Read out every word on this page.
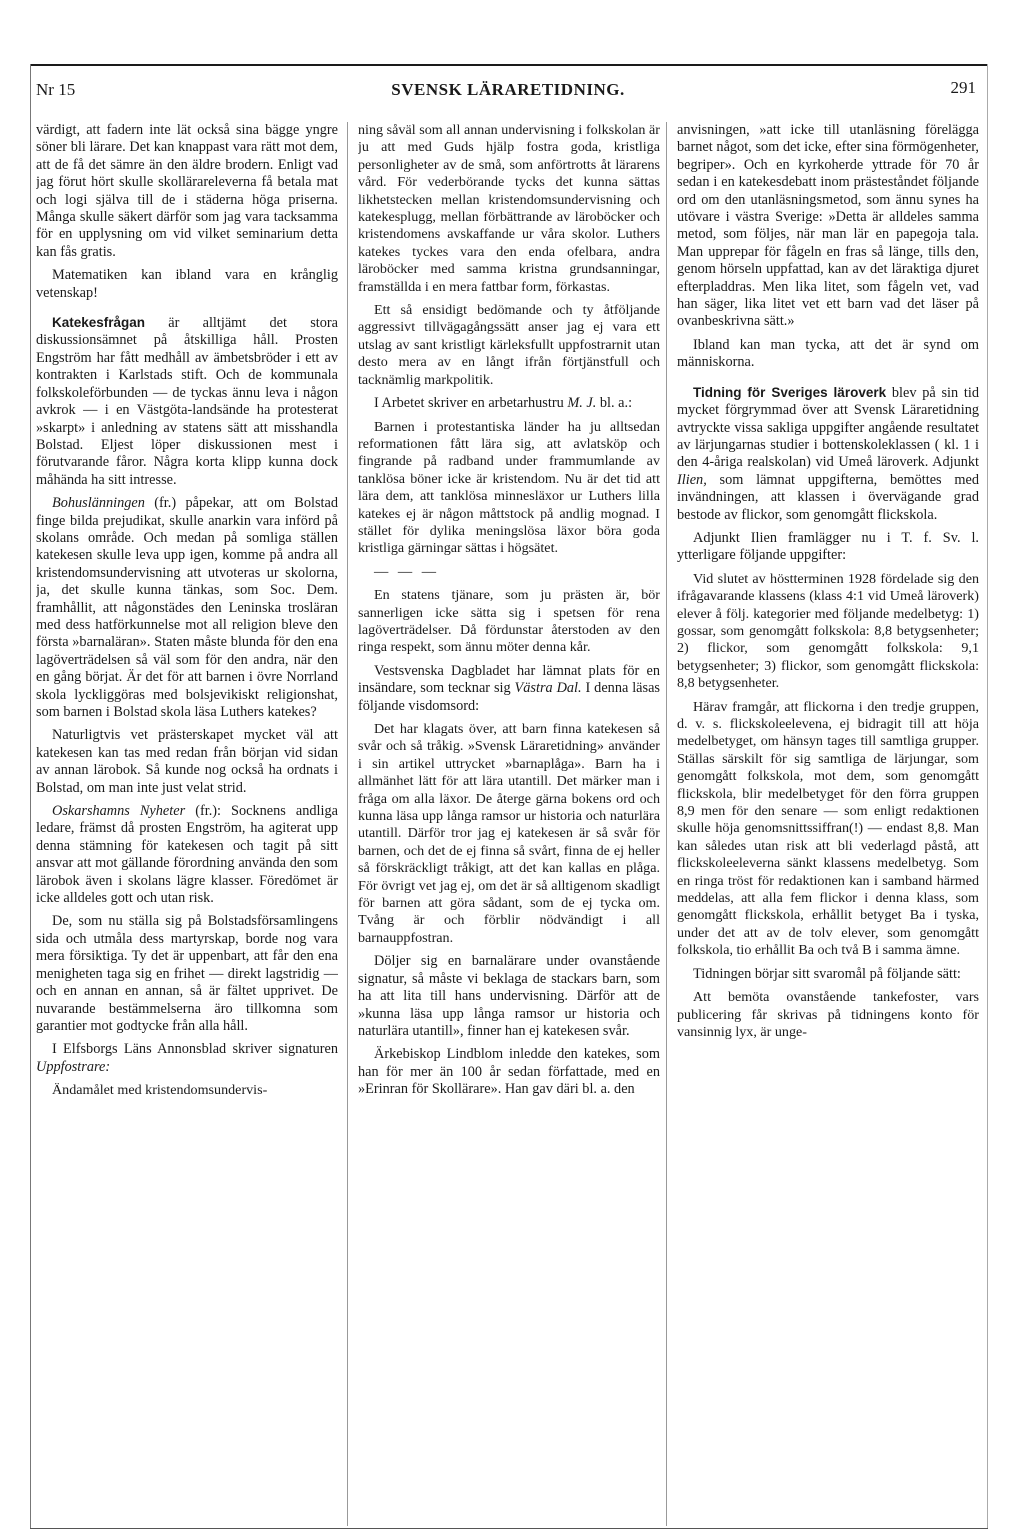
Nr 15	SVENSK LÄRARETIDNING.	291

värdigt, att fadern inte lät också sina bägge yngre söner bli lärare. Det kan knappast vara rätt mot dem, att de få det sämre än den äldre brodern. Enligt vad jag förut hört skulle skollärareleverna få betala mat och logi själva till de i städerna höga priserna. Många skulle säkert därför som jag vara tacksamma för en upplysning om vid vilket seminarium detta kan fås gratis.

Matematiken kan ibland vara en krånglig vetenskap!

Katekesfrågan är alltjämt det stora diskussionsämnet på åtskilliga håll. Prosten Engström har fått medhåll av ämbetsbröder i ett av kontrakten i Karlstads stift. Och de kommunala folkskoleförbunden — de tyckas ännu leva i någon avkrok — i en Västgöta-landsände ha protesterat »skarpt» i anledning av statens sätt att misshandla Bolstad. Eljest löper diskussionen mest i förutvarande fåror. Några korta klipp kunna dock måhända ha sitt intresse.

Bohuslänningen (fr.) påpekar, att om Bolstad finge bilda prejudikat, skulle anarkin vara införd på skolans område. Och medan på somliga ställen katekesen skulle leva upp igen, komme på andra all kristendomsundervisning att utvoteras ur skolorna, ja, det skulle kunna tänkas, som Soc. Dem. framhållit, att någonstädes den Leninska trosläran med dess hatförkunnelse mot all religion bleve den första »barnaläran». Staten måste blunda för den ena lagöverträdelsen så väl som för den andra, när den en gång börjat. Är det för att barnen i övre Norrland skola lyckliggöras med bolsjevikiskt religionshat, som barnen i Bolstad skola läsa Luthers katekes?

Naturligtvis vet prästerskapet mycket väl att katekesen kan tas med redan från början vid sidan av annan lärobok. Så kunde nog också ha ordnats i Bolstad, om man inte just velat strid.

Oskarshamns Nyheter (fr.): Socknens andliga ledare, främst då prosten Engström, ha agiterat upp denna stämning för katekesen och tagit på sitt ansvar att mot gällande förordning använda den som lärobok även i skolans lägre klasser. Föredömet är icke alldeles gott och utan risk.

De, som nu ställa sig på Bolstadsförsamlingens sida och utmåla dess martyrskap, borde nog vara mera försiktiga. Ty det är uppenbart, att får den ena menigheten taga sig en frihet — direkt lagstridig — och en annan en annan, så är fältet upprivet. De nuvarande bestämmelserna äro tillkomna som garantier mot godtycke från alla håll.

I Elfsborgs Läns Annonsblad skriver signaturen Uppfostrare:

Ändamålet med kristendomsundervis-

ning såväl som all annan undervisning i folkskolan är ju att med Guds hjälp fostra goda, kristliga personligheter av de små, som anförtrotts åt lärarens vård. För vederbörande tycks det kunna sättas likhetstecken mellan kristendomsundervisning och katekesplugg, mellan förbättrande av läroböcker och kristendomens avskaffande ur våra skolor. Luthers katekes tyckes vara den enda ofelbara, andra läroböcker med samma kristna grundsanningar, framställda i en mera fattbar form, förkastas.

Ett så ensidigt bedömande och ty åtföljande aggressivt tillvägagångssätt anser jag ej vara ett utslag av sant kristligt kärleksfullt uppfostrarnit utan desto mera av en långt ifrån förtjänstfull och tacknämlig markpolitik.

I Arbetet skriver en arbetarhustru M. J. bl. a.:

Barnen i protestantiska länder ha ju alltsedan reformationen fått lära sig, att avlatsköp och fingrande på radband under frammumlande av tanklösa böner icke är kristendom. Nu är det tid att lära dem, att tanklösa minnesläxor ur Luthers lilla katekes ej är någon måttstock på andlig mognad. I stället för dylika meningslösa läxor böra goda kristliga gärningar sättas i högsätet.

— — —

En statens tjänare, som ju prästen är, bör sannerligen icke sätta sig i spetsen för rena lagöverträdelser. Då fördunstar återstoden av den ringa respekt, som ännu möter denna kår.

Vestsvenska Dagbladet har lämnat plats för en insändare, som tecknar sig Västra Dal. I denna läsas följande visdomsord:

Det har klagats över, att barn finna katekesen så svår och så tråkig. »Svensk Läraretidning» använder i sin artikel uttrycket »barnaplåga». Barn ha i allmänhet lätt för att lära utantill. Det märker man i fråga om alla läxor. De återge gärna bokens ord och kunna läsa upp långa ramsor ur historia och naturlära utantill. Därför tror jag ej katekesen är så svår för barnen, och det de ej finna så svårt, finna de ej heller så förskräckligt tråkigt, att det kan kallas en plåga. För övrigt vet jag ej, om det är så alltigenom skadligt för barnen att göra sådant, som de ej tycka om. Tvång är och förblir nödvändigt i all barnauppfostran.

Döljer sig en barnalärare under ovanstående signatur, så måste vi beklaga de stackars barn, som ha att lita till hans undervisning. Därför att de »kunna läsa upp långa ramsor ur historia och naturlära utantill», finner han ej katekesen svår.

Ärkebiskop Lindblom inledde den katekes, som han för mer än 100 år sedan författade, med en »Erinran för Skollärare». Han gav däri bl. a. den

anvisningen, »att icke till utanläsning förelägga barnet något, som det icke, efter sina förmögenheter, begriper». Och en kyrkoherde yttrade för 70 år sedan i en katekesdebatt inom prästeståndet följande ord om den utanläsningsmetod, som ännu synes ha utövare i västra Sverige: »Detta är alldeles samma metod, som följes, när man lär en papegoja tala. Man upprepar för fågeln en fras så länge, tills den, genom hörseln uppfattad, kan av det läraktiga djuret efterpladdras. Men lika litet, som fågeln vet, vad han säger, lika litet vet ett barn vad det läser på ovanbeskrivna sätt.»

Ibland kan man tycka, att det är synd om människorna.

Tidning för Sveriges läroverk blev på sin tid mycket förgrymmad över att Svensk Läraretidning avtryckte vissa sakliga uppgifter angående resultatet av lärjungarnas studier i bottenskoleklassen ( kl. 1 i den 4-åriga realskolan) vid Umeå läroverk. Adjunkt Ilien, som lämnat uppgifterna, bemöttes med invändningen, att klassen i övervägande grad bestode av flickor, som genomgått flickskola.

Adjunkt Ilien framlägger nu i T. f. Sv. l. ytterligare följande uppgifter:

Vid slutet av höstterminen 1928 fördelade sig den ifrågavarande klassens (klass 4:1 vid Umeå läroverk) elever å följ. kategorier med följande medelbetyg: 1) gossar, som genomgått folkskola: 8,8 betygsenheter; 2) flickor, som genomgått folkskola: 9,1 betygsenheter; 3) flickor, som genomgått flickskola: 8,8 betygsenheter.

Härav framgår, att flickorna i den tredje gruppen, d. v. s. flickskoleelevena, ej bidragit till att höja medelbetyget, om hänsyn tages till samtliga grupper. Ställas särskilt för sig samtliga de lärjungar, som genomgått folkskola, mot dem, som genomgått flickskola, blir medelbetyget för den förra gruppen 8,9 men för den senare — som enligt redaktionen skulle höja genomsnittssiffran(!) — endast 8,8. Man kan således utan risk att bli vederlagd påstå, att flickskoleeleverna sänkt klassens medelbetyg. Som en ringa tröst för redaktionen kan i samband härmed meddelas, att alla fem flickor i denna klass, som genomgått flickskola, erhållit betyget Ba i tyska, under det att av de tolv elever, som genomgått folkskola, tio erhållit Ba och två B i samma ämne.

Tidningen börjar sitt svaromål på följande sätt:

Att bemöta ovanstående tankefoster, vars publicering får skrivas på tidningens konto för vansinnig lyx, är unge-
